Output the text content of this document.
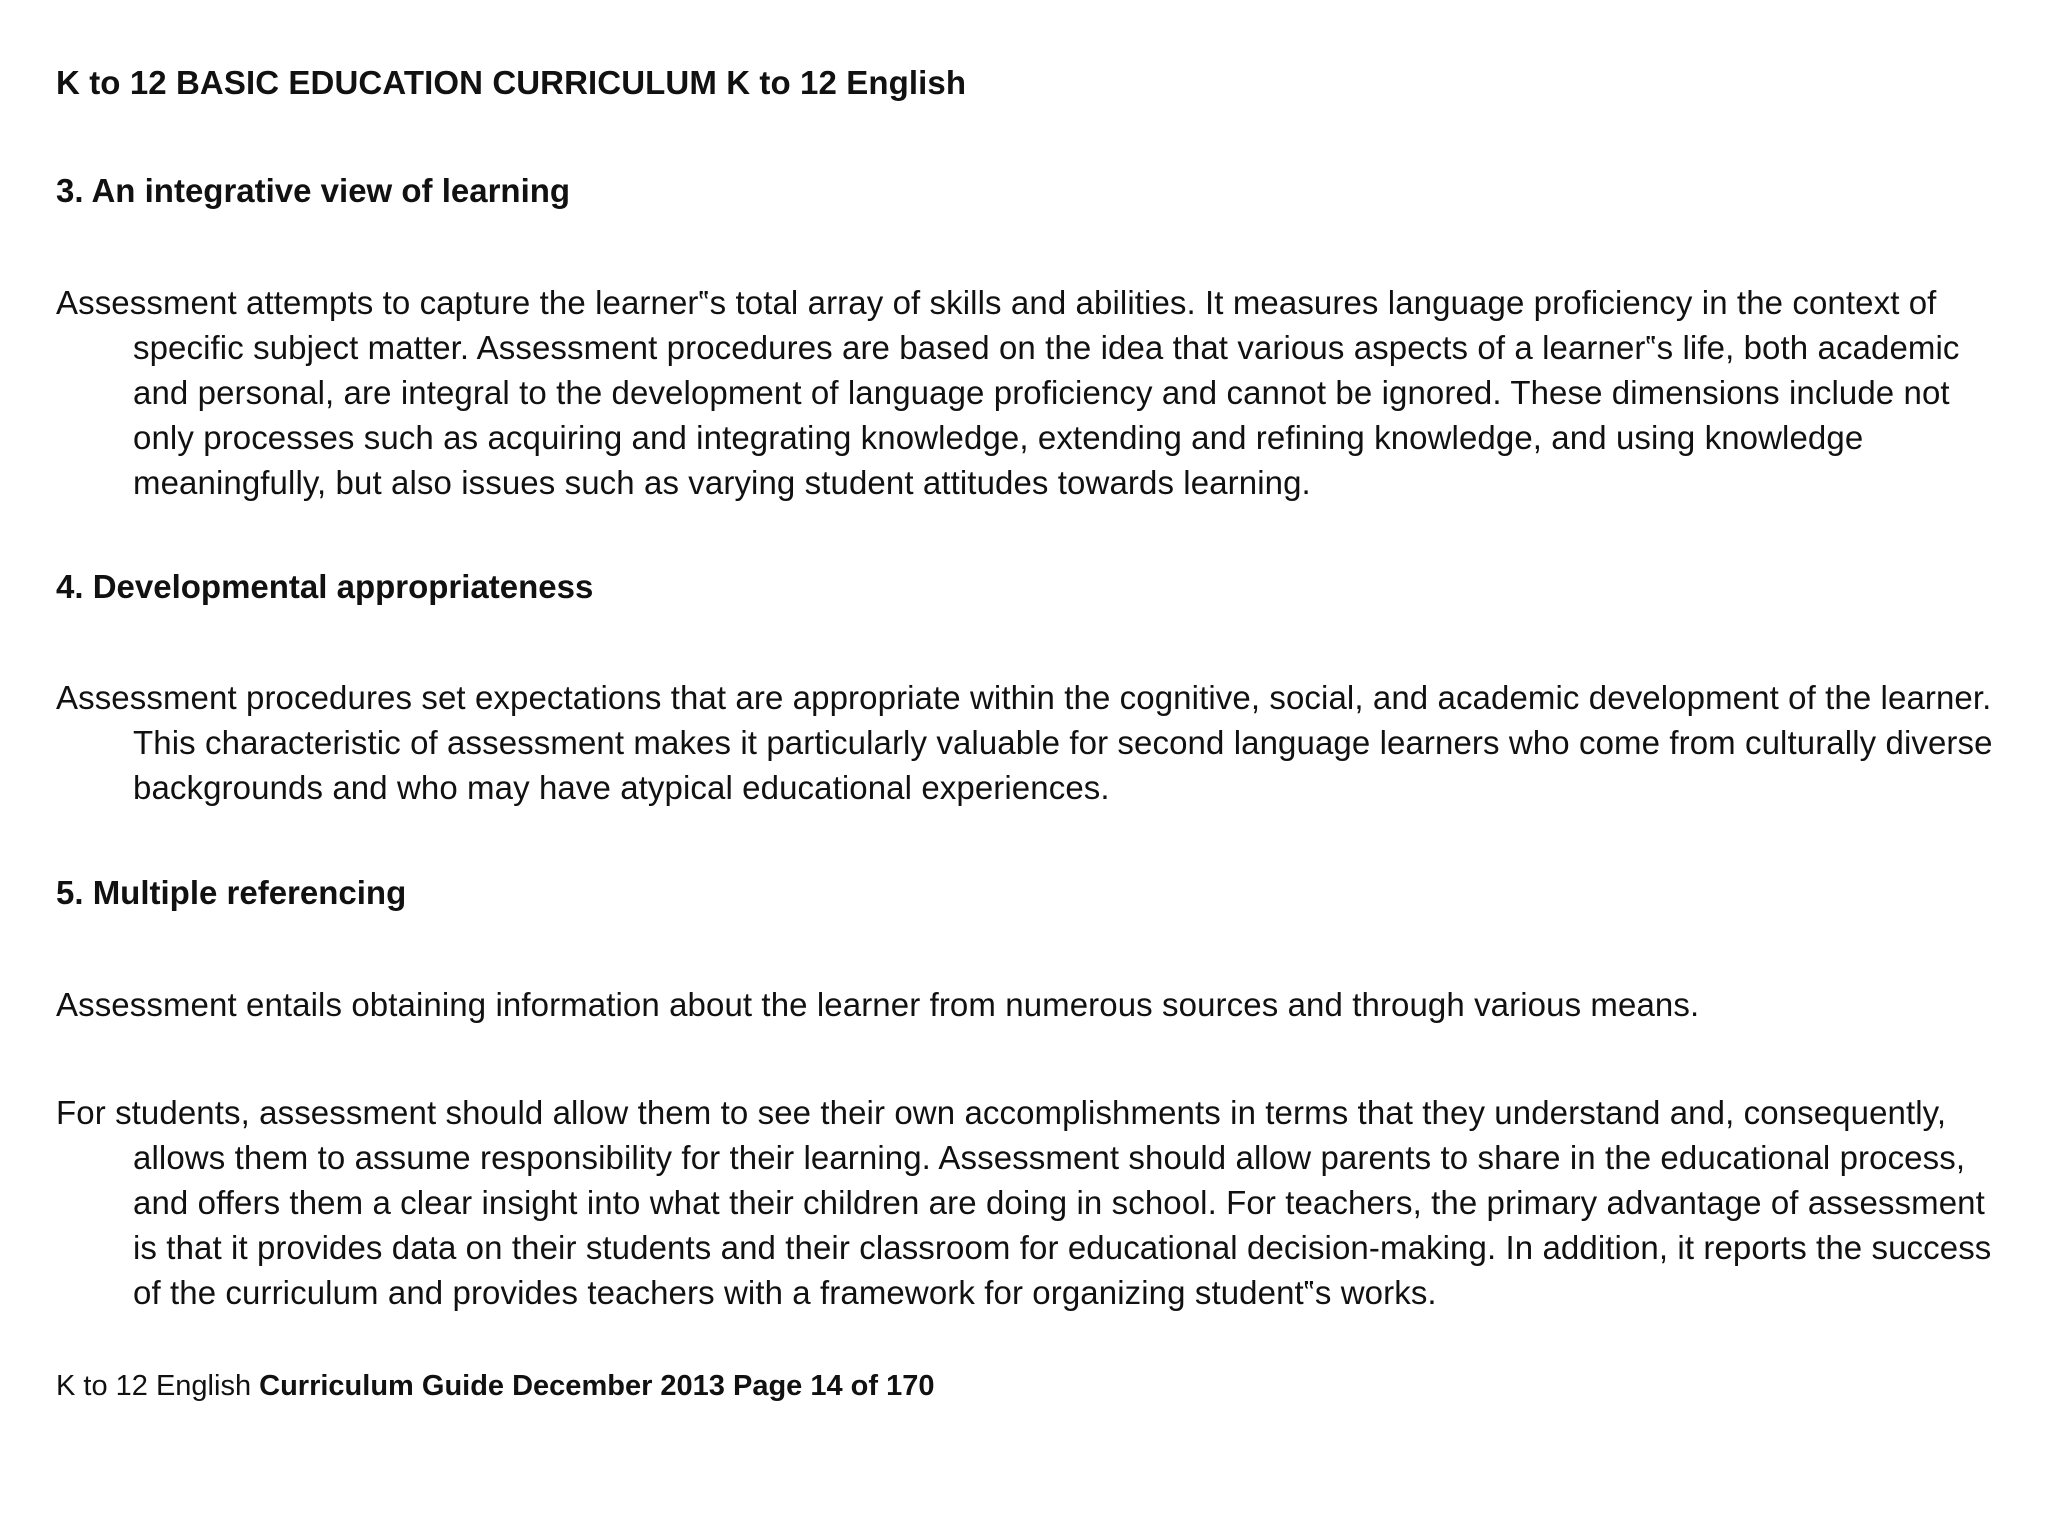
K to 12 BASIC EDUCATION CURRICULUM K to 12 English
3. An integrative view of learning
Assessment attempts to capture the learner‟s total array of skills and abilities. It measures language proficiency in the context of specific subject matter. Assessment procedures are based on the idea that various aspects of a learner‟s life, both academic and personal, are integral to the development of language proficiency and cannot be ignored. These dimensions include not only processes such as acquiring and integrating knowledge, extending and refining knowledge, and using knowledge meaningfully, but also issues such as varying student attitudes towards learning.
4. Developmental appropriateness
Assessment procedures set expectations that are appropriate within the cognitive, social, and academic development of the learner. This characteristic of assessment makes it particularly valuable for second language learners who come from culturally diverse backgrounds and who may have atypical educational experiences.
5. Multiple referencing
Assessment entails obtaining information about the learner from numerous sources and through various means.
For students, assessment should allow them to see their own accomplishments in terms that they understand and, consequently, allows them to assume responsibility for their learning. Assessment should allow parents to share in the educational process, and offers them a clear insight into what their children are doing in school. For teachers, the primary advantage of assessment is that it provides data on their students and their classroom for educational decision-making. In addition, it reports the success of the curriculum and provides teachers with a framework for organizing student‟s works.
K to 12 English Curriculum Guide December 2013 Page 14 of 170
